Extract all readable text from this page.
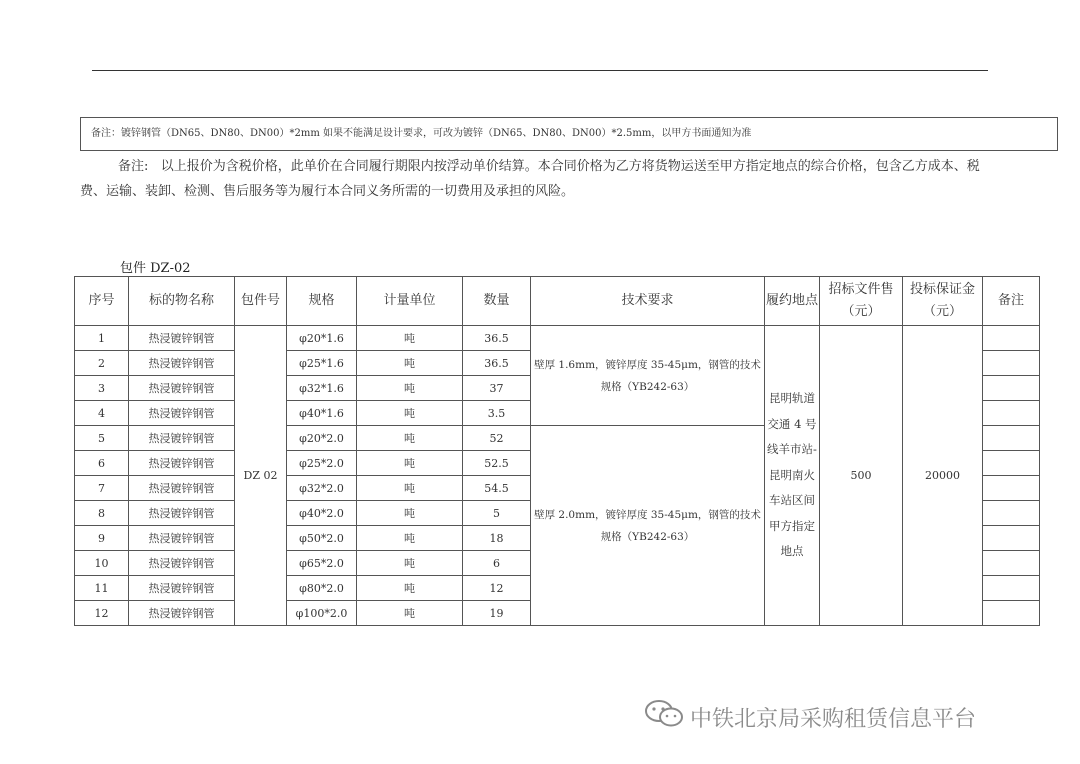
备注：镀锌钢管（DN65、DN80、DN00）*2mm 如果不能满足设计要求，可改为镀锌（DN65、DN80、DN00）*2.5mm，以甲方书面通知为准
备注: 以上报价为含税价格，此单价在合同履行期限内按浮动单价结算。本合同价格为乙方将货物运送至甲方指定地点的综合价格，包含乙方成本、税费、运输、装卸、检测、售后服务等为履行本合同义务所需的一切费用及承担的风险。
包件 DZ-02
序号	标的物名称	包件号	规格	计量单位	数量	技术要求	履约地点	招标文件售（元）	投标保证金（元）	备注
1	热浸镀锌钢管	DZ 02	φ20*1.6	吨	36.5	壁厚 1.6mm，镀锌厚度 35-45μm，钢管的技术规格（YB242-63）	昆明轨道交通 4 号线羊市站-昆明南火车站区间甲方指定地点	500	20000	
2	热浸镀锌钢管		φ25*1.6	吨	36.5					
3	热浸镀锌钢管		φ32*1.6	吨	37					
4	热浸镀锌钢管		φ40*1.6	吨	3.5					
5	热浸镀锌钢管		φ20*2.0	吨	52	壁厚 2.0mm，镀锌厚度 35-45μm，钢管的技术规格（YB242-63）				
6	热浸镀锌钢管		φ25*2.0	吨	52.5					
7	热浸镀锌钢管		φ32*2.0	吨	54.5					
8	热浸镀锌钢管		φ40*2.0	吨	5					
9	热浸镀锌钢管		φ50*2.0	吨	18					
10	热浸镀锌钢管		φ65*2.0	吨	6					
11	热浸镀锌钢管		φ80*2.0	吨	12					
12	热浸镀锌钢管		φ100*2.0	吨	19					
中铁北京局采购租赁信息平台
